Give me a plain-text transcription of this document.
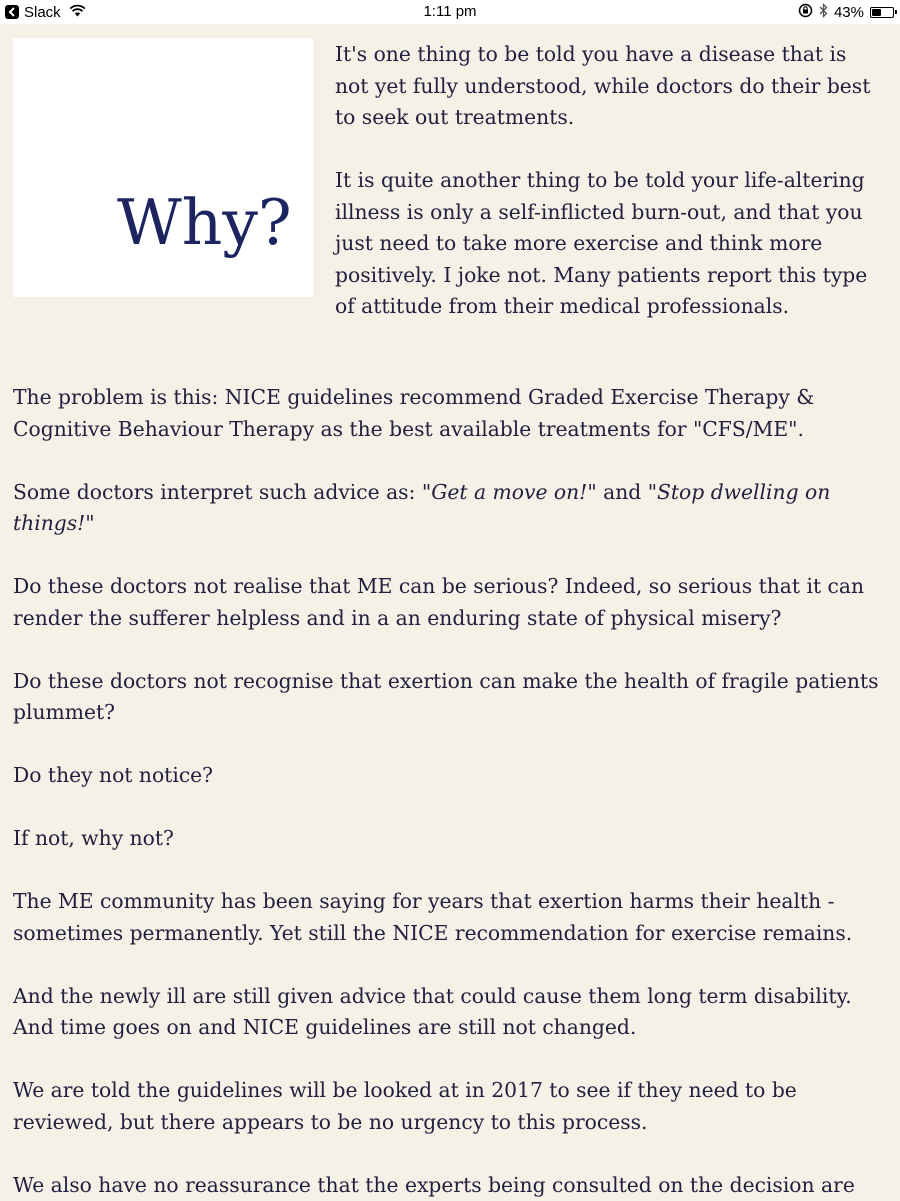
Slack	1:11 pm	43%
Why?

It's one thing to be told you have a disease that is not yet fully understood, while doctors do their best to seek out treatments.

It is quite another thing to be told your life-altering illness is only a self-inflicted burn-out, and that you just need to take more exercise and think more positively. I joke not. Many patients report this type of attitude from their medical professionals.

The problem is this: NICE guidelines recommend Graded Exercise Therapy & Cognitive Behaviour Therapy as the best available treatments for "CFS/ME".

Some doctors interpret such advice as: "Get a move on!" and "Stop dwelling on things!"

Do these doctors not realise that ME can be serious? Indeed, so serious that it can render the sufferer helpless and in a an enduring state of physical misery?

Do these doctors not recognise that exertion can make the health of fragile patients plummet?

Do they not notice?

If not, why not?

The ME community has been saying for years that exertion harms their health - sometimes permanently. Yet still the NICE recommendation for exercise remains.

And the newly ill are still given advice that could cause them long term disability. And time goes on and NICE guidelines are still not changed.

We are told the guidelines will be looked at in 2017 to see if they need to be reviewed, but there appears to be no urgency to this process.

We also have no reassurance that the experts being consulted on the decision are
